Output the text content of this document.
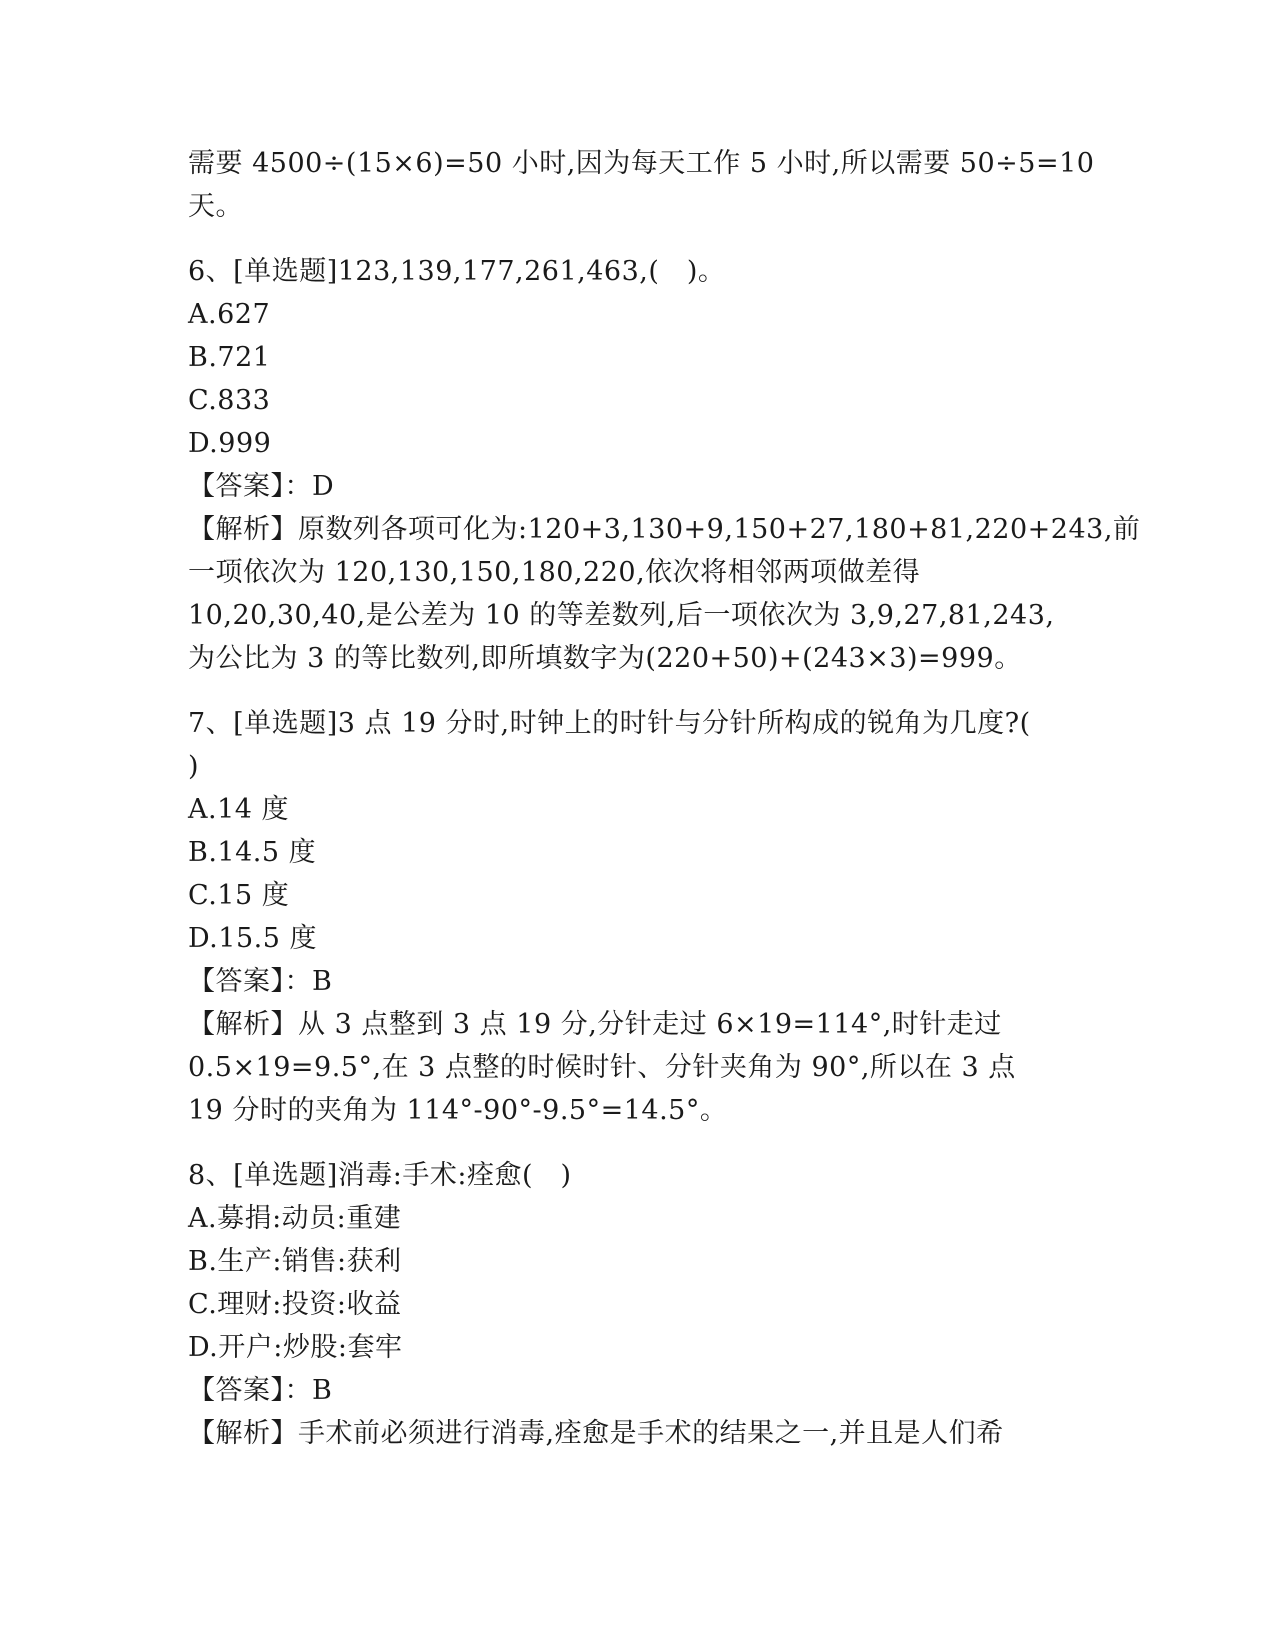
需要 4500÷(15×6)=50 小时,因为每天工作 5 小时,所以需要 50÷5=10
天。
6、[单选题]123,139,177,261,463,(　)。
A.627
B.721
C.833
D.999
【答案】：D
【解析】原数列各项可化为:120+3,130+9,150+27,180+81,220+243,前
一项依次为 120,130,150,180,220,依次将相邻两项做差得
10,20,30,40,是公差为 10 的等差数列,后一项依次为 3,9,27,81,243,
为公比为 3 的等比数列,即所填数字为(220+50)+(243×3)=999。
7、[单选题]3 点 19 分时,时钟上的时针与分针所构成的锐角为几度?(
)
A.14 度
B.14.5 度
C.15 度
D.15.5 度
【答案】：B
【解析】从 3 点整到 3 点 19 分,分针走过 6×19=114°,时针走过
0.5×19=9.5°,在 3 点整的时候时针、分针夹角为 90°,所以在 3 点
19 分时的夹角为 114°-90°-9.5°=14.5°。
8、[单选题]消毒:手术:痊愈(　)
A.募捐:动员:重建
B.生产:销售:获利
C.理财:投资:收益
D.开户:炒股:套牢
【答案】：B
【解析】手术前必须进行消毒,痊愈是手术的结果之一,并且是人们希
